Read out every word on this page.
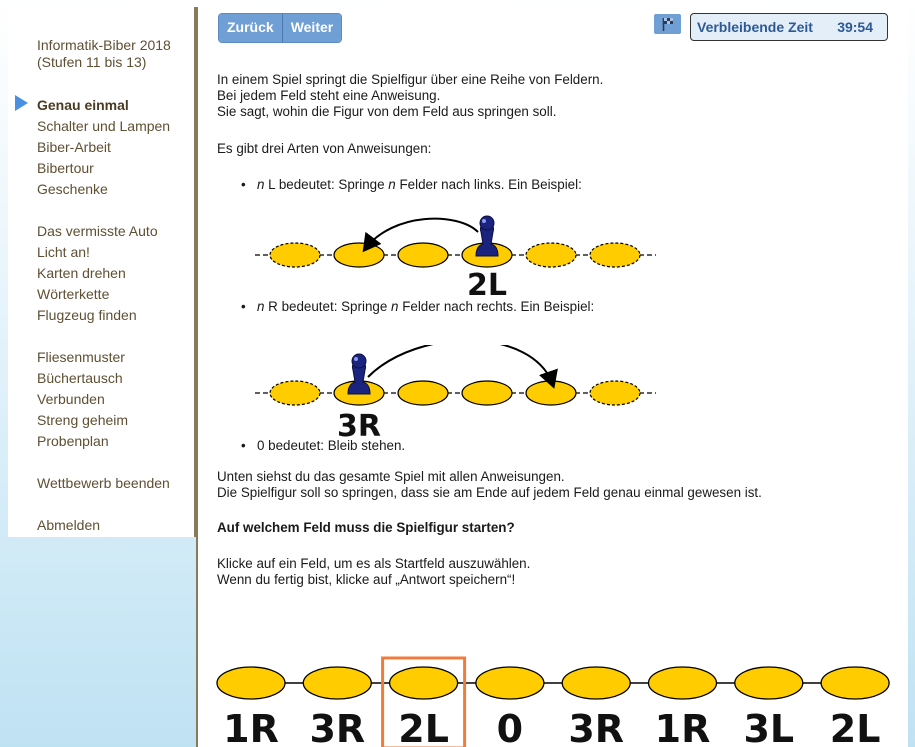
Informatik-Biber 2018
(Stufen 11 bis 13)
Genau einmal
Schalter und Lampen
Biber-Arbeit
Bibertour
Geschenke
Das vermisste Auto
Licht an!
Karten drehen
Wörterkette
Flugzeug finden
Fliesenmuster
Büchertausch
Verbunden
Streng geheim
Probenplan
Wettbewerb beenden
Abmelden
Zurück	Weiter	Verbleibende Zeit 39:54

In einem Spiel springt die Spielfigur über eine Reihe von Feldern.

Bei jedem Feld steht eine Anweisung.

Sie sagt, wohin die Figur von dem Feld aus springen soll.

Es gibt drei Arten von Anweisungen:

• n L bedeutet: Springe n Felder nach links. Ein Beispiel:
• n R bedeutet: Springe n Felder nach rechts. Ein Beispiel:
• 0 bedeutet: Bleib stehen.

Unten siehst du das gesamte Spiel mit allen Anweisungen.

Die Spielfigur soll so springen, dass sie am Ende auf jedem Feld genau einmal gewesen ist.

Auf welchem Feld muss die Spielfigur starten?

Klicke auf ein Feld, um es als Startfeld auszuwählen.

Wenn du fertig bist, klicke auf „Antwort speichern“!

2L
3R
1R 3R 2L 0 3R 1R 3L 2L
